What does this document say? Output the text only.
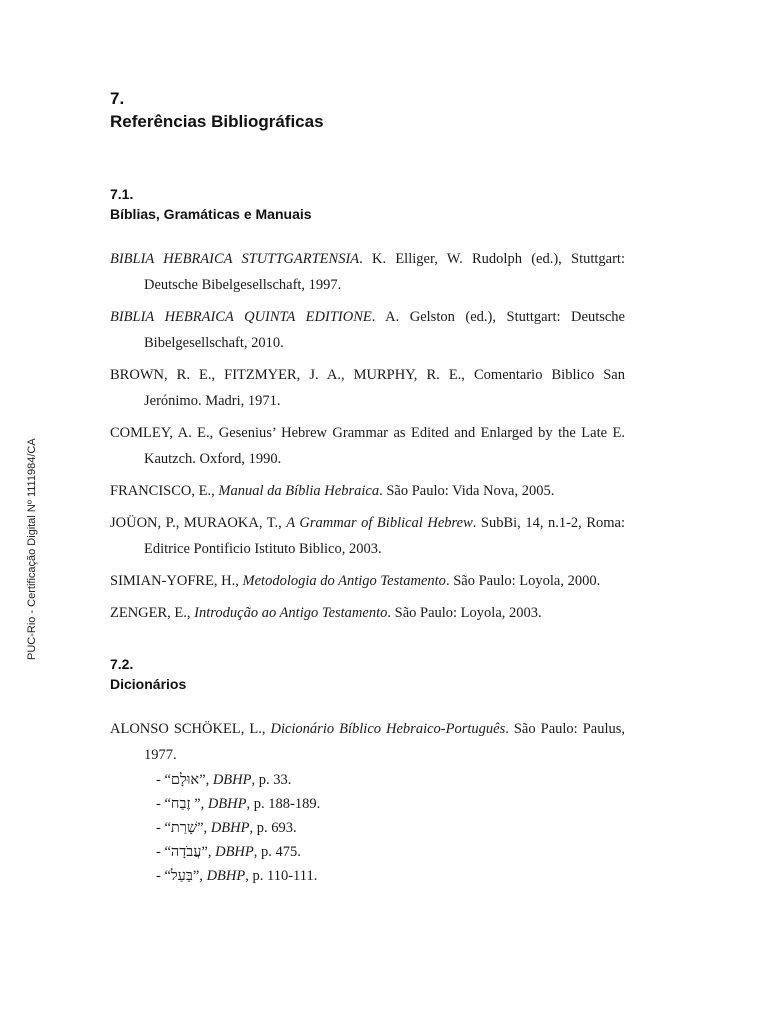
PUC-Rio - Certificação Digital Nº 1111984/CA
7.
Referências Bibliográficas
7.1.
Bíblias, Gramáticas e Manuais
BIBLIA HEBRAICA STUTTGARTENSIA. K. Elliger, W. Rudolph (ed.), Stuttgart: Deutsche Bibelgesellschaft, 1997.
BIBLIA HEBRAICA QUINTA EDITIONE. A. Gelston (ed.), Stuttgart: Deutsche Bibelgesellschaft, 2010.
BROWN, R. E., FITZMYER, J. A., MURPHY, R. E., Comentario Biblico San Jerónimo. Madri, 1971.
COMLEY, A. E., Gesenius’ Hebrew Grammar as Edited and Enlarged by the Late E. Kautzch. Oxford, 1990.
FRANCISCO, E., Manual da Bíblia Hebraica. São Paulo: Vida Nova, 2005.
JOÜON, P., MURAOKA, T., A Grammar of Biblical Hebrew. SubBi, 14, n.1-2, Roma: Editrice Pontificio Istituto Biblico, 2003.
SIMIAN-YOFRE, H., Metodologia do Antigo Testamento. São Paulo: Loyola, 2000.
ZENGER, E., Introdução ao Antigo Testamento. São Paulo: Loyola, 2003.
7.2.
Dicionários
ALONSO SCHÖKEL, L., Dicionário Bíblico Hebraico-Português. São Paulo: Paulus, 1977.
- “אוּלָם”, DBHP, p. 33.
- “זֶבַח ”, DBHP, p. 188-189.
- “שָׁרַת”, DBHP, p. 693.
- “עֲבֹדָה”, DBHP, p. 475.
- “בַּעַל”, DBHP, p. 110-111.
